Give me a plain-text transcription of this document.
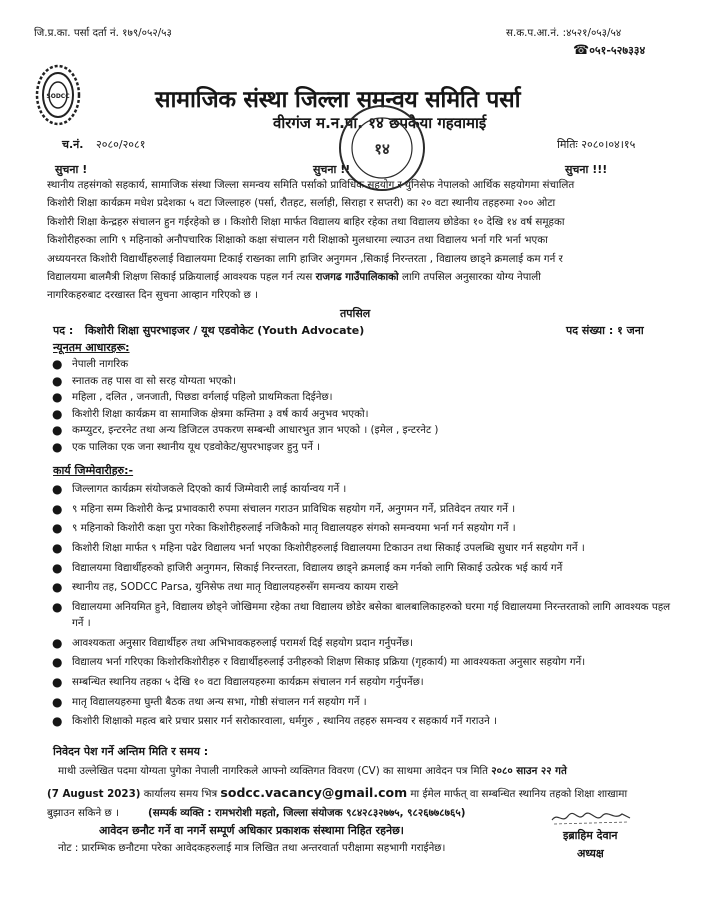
जि.प्र.का. पर्सा दर्ता नं. १७९/०५२/५३	स.क.प.आ.नं. :४५२१/०५३/५४
☎०५१-५२७३३४
SODCC	सामाजिक संस्था जिल्ला समन्वय समिति पर्सा
वीरगंज म.न.पा. १४ छपकैया गहवामाई
१४
च.नं. २०८०/२०८१	मितिः २०८०।०४।१५
सुचना !	सुचना !!	सुचना !!!
स्थानीय तहसंगको सहकार्य, सामाजिक संस्था जिल्ला समन्वय समिति पर्साको प्राविधिक सहयोग र युनिसेफ नेपालको आर्थिक सहयोगमा संचालित
किशोरी शिक्षा कार्यक्रम मधेश प्रदेशका ५ वटा जिल्लाहरु (पर्सा, रौतहट, सर्लाही, सिराहा र सप्तरी) का २० वटा स्थानीय तहहरुमा २०० ओटा
किशोरी शिक्षा केन्द्रहरु संचालन हुन गईरहेको छ । किशोरी शिक्षा मार्फत विद्यालय बाहिर रहेका तथा विद्यालय छोडेका १० देखि १४ वर्ष समूहका
किशोरीहरुका लागि ९ महिनाको अनौपचारिक शिक्षाको कक्षा संचालन गरी शिक्षाको मुलधारमा ल्याउन तथा विद्यालय भर्ना गरि भर्ना भएका
अध्ययनरत किशोरी विद्यार्थीहरुलाई विद्यालयमा टिकाई राख्नका लागि हाजिर अनुगमन ,सिकाई निरन्तरता , विद्यालय छाड्ने क्रमलाई कम गर्न र
विद्यालयमा बालमैत्री शिक्षण सिकाई प्रक्रियालाई आवश्यक पहल गर्न त्यस राजगढ गाउँपालिकाको लागि तपसिल अनुसारका योग्य नेपाली
नागरिकहरुबाट दरखास्त दिन सुचना आव्हान गरिएको छ ।
तपसिल
पद : किशोरी शिक्षा सुपरभाइजर / यूथ एडवोकेट (Youth Advocate)	पद संख्या : १ जना
न्यूनतम आधारहरू:
● नेपाली नागरिक
● स्नातक तह पास वा सो सरह योग्यता भएको।
● महिला , दलित , जनजाती, पिछडा वर्गलाई पहिलो प्राथमिकता दिईनेछ।
● किशोरी शिक्षा कार्यक्रम वा सामाजिक क्षेत्रमा कम्तिमा ३ वर्ष कार्य अनुभव भएको।
● कम्प्युटर, इन्टरनेट तथा अन्य डिजिटल उपकरण सम्बन्धी आधारभुत ज्ञान भएको । (इमेल , इन्टरनेट )
● एक पालिका एक जना स्थानीय यूथ एडवोकेट/सुपरभाइजर हुनु पर्ने ।
कार्य जिम्मेवारीहरु:-
● जिल्लागत कार्यक्रम संयोजकले दिएको कार्य जिम्मेवारी लाई कार्यान्वय गर्ने ।
● ९ महिना सम्म किशोरी केन्द्र प्रभावकारी रुपमा संचालन गराउन प्राविधिक सहयोग गर्ने, अनुगमन गर्ने, प्रतिवेदन तयार गर्ने ।
● ९ महिनाको किशोरी कक्षा पुरा गरेका किशोरीहरुलाई नजिकैको मातृ विद्यालयहरु संगको समन्वयमा भर्ना गर्न सहयोग गर्ने ।
● किशोरी शिक्षा मार्फत ९ महिना पढेर विद्यालय भर्ना भएका किशोरीहरुलाई विद्यालयमा टिकाउन तथा सिकाई उपलब्धि सुधार गर्न सहयोग गर्ने ।
● विद्यालयमा विद्यार्थीहरुको हाजिरी अनुगमन, सिकाई निरन्तरता, विद्यालय छाड्ने क्रमलाई कम गर्नको लागि सिकाई उत्प्रेरक भई कार्य गर्ने
● स्थानीय तह, SODCC Parsa, युनिसेफ तथा मातृ विद्यालयहरुसँग समन्वय कायम राख्ने
● विद्यालयमा अनियमित हुने, विद्यालय छोड्ने जोखिममा रहेका तथा विद्यालय छोडेर बसेका बालबालिकाहरुको घरमा गई विद्यालयमा निरन्तरताको लागि आवश्यक पहल गर्ने ।
● आवश्यकता अनुसार विद्यार्थीहरु तथा अभिभावकहरुलाई परामर्श दिई सहयोग प्रदान गर्नुपर्नेछ।
● विद्यालय भर्ना गरिएका किशोरकिशोरीहरु र विद्यार्थीहरुलाई उनीहरुको शिक्षण सिकाइ प्रक्रिया (गृहकार्य) मा आवश्यकता अनुसार सहयोग गर्ने।
● सम्बन्धित स्थानिय तहका ५ देखि १० वटा विद्यालयहरुमा कार्यक्रम संचालन गर्न सहयोग गर्नुपर्नेछ।
● मातृ विद्यालयहरुमा घुम्ती बैठक तथा अन्य सभा, गोष्ठी संचालन गर्न सहयोग गर्ने ।
● किशोरी शिक्षाको महत्व बारे प्रचार प्रसार गर्न सरोकारवाला, धर्मगुरु , स्थानिय तहहरु समन्वय र सहकार्य गर्ने गराउने ।
निवेदन पेश गर्ने अन्तिम मिति र समय :
माथी उल्लेखित पदमा योग्यता पुगेका नेपाली नागरिकले आफ्नो व्यक्तिगत विवरण (CV) का साथमा आवेदन पत्र मिति २०८० साउन २२ गते
(7 August 2023) कार्यालय समय भित्र sodcc.vacancy@gmail.com मा ईमेल मार्फत् वा सम्बन्धित स्थानिय तहको शिक्षा शाखामा
बुझाउन सकिने छ ।	(सम्पर्क व्यक्ति : रामभरोशी महतो, जिल्ला संयोजक ९८४२८३२७७५, ९८२६७७८७६५)
आवेदन छनौट गर्ने वा नगर्ने सम्पूर्ण अधिकार प्रकाशक संस्थामा निहित रहनेछ।	इब्राहिम देवान
नोट : प्रारम्भिक छनौटमा परेका आवेदकहरुलाई मात्र लिखित तथा अन्तरवार्ता परीक्षामा सहभागी गराईनेछ।	अध्यक्ष
